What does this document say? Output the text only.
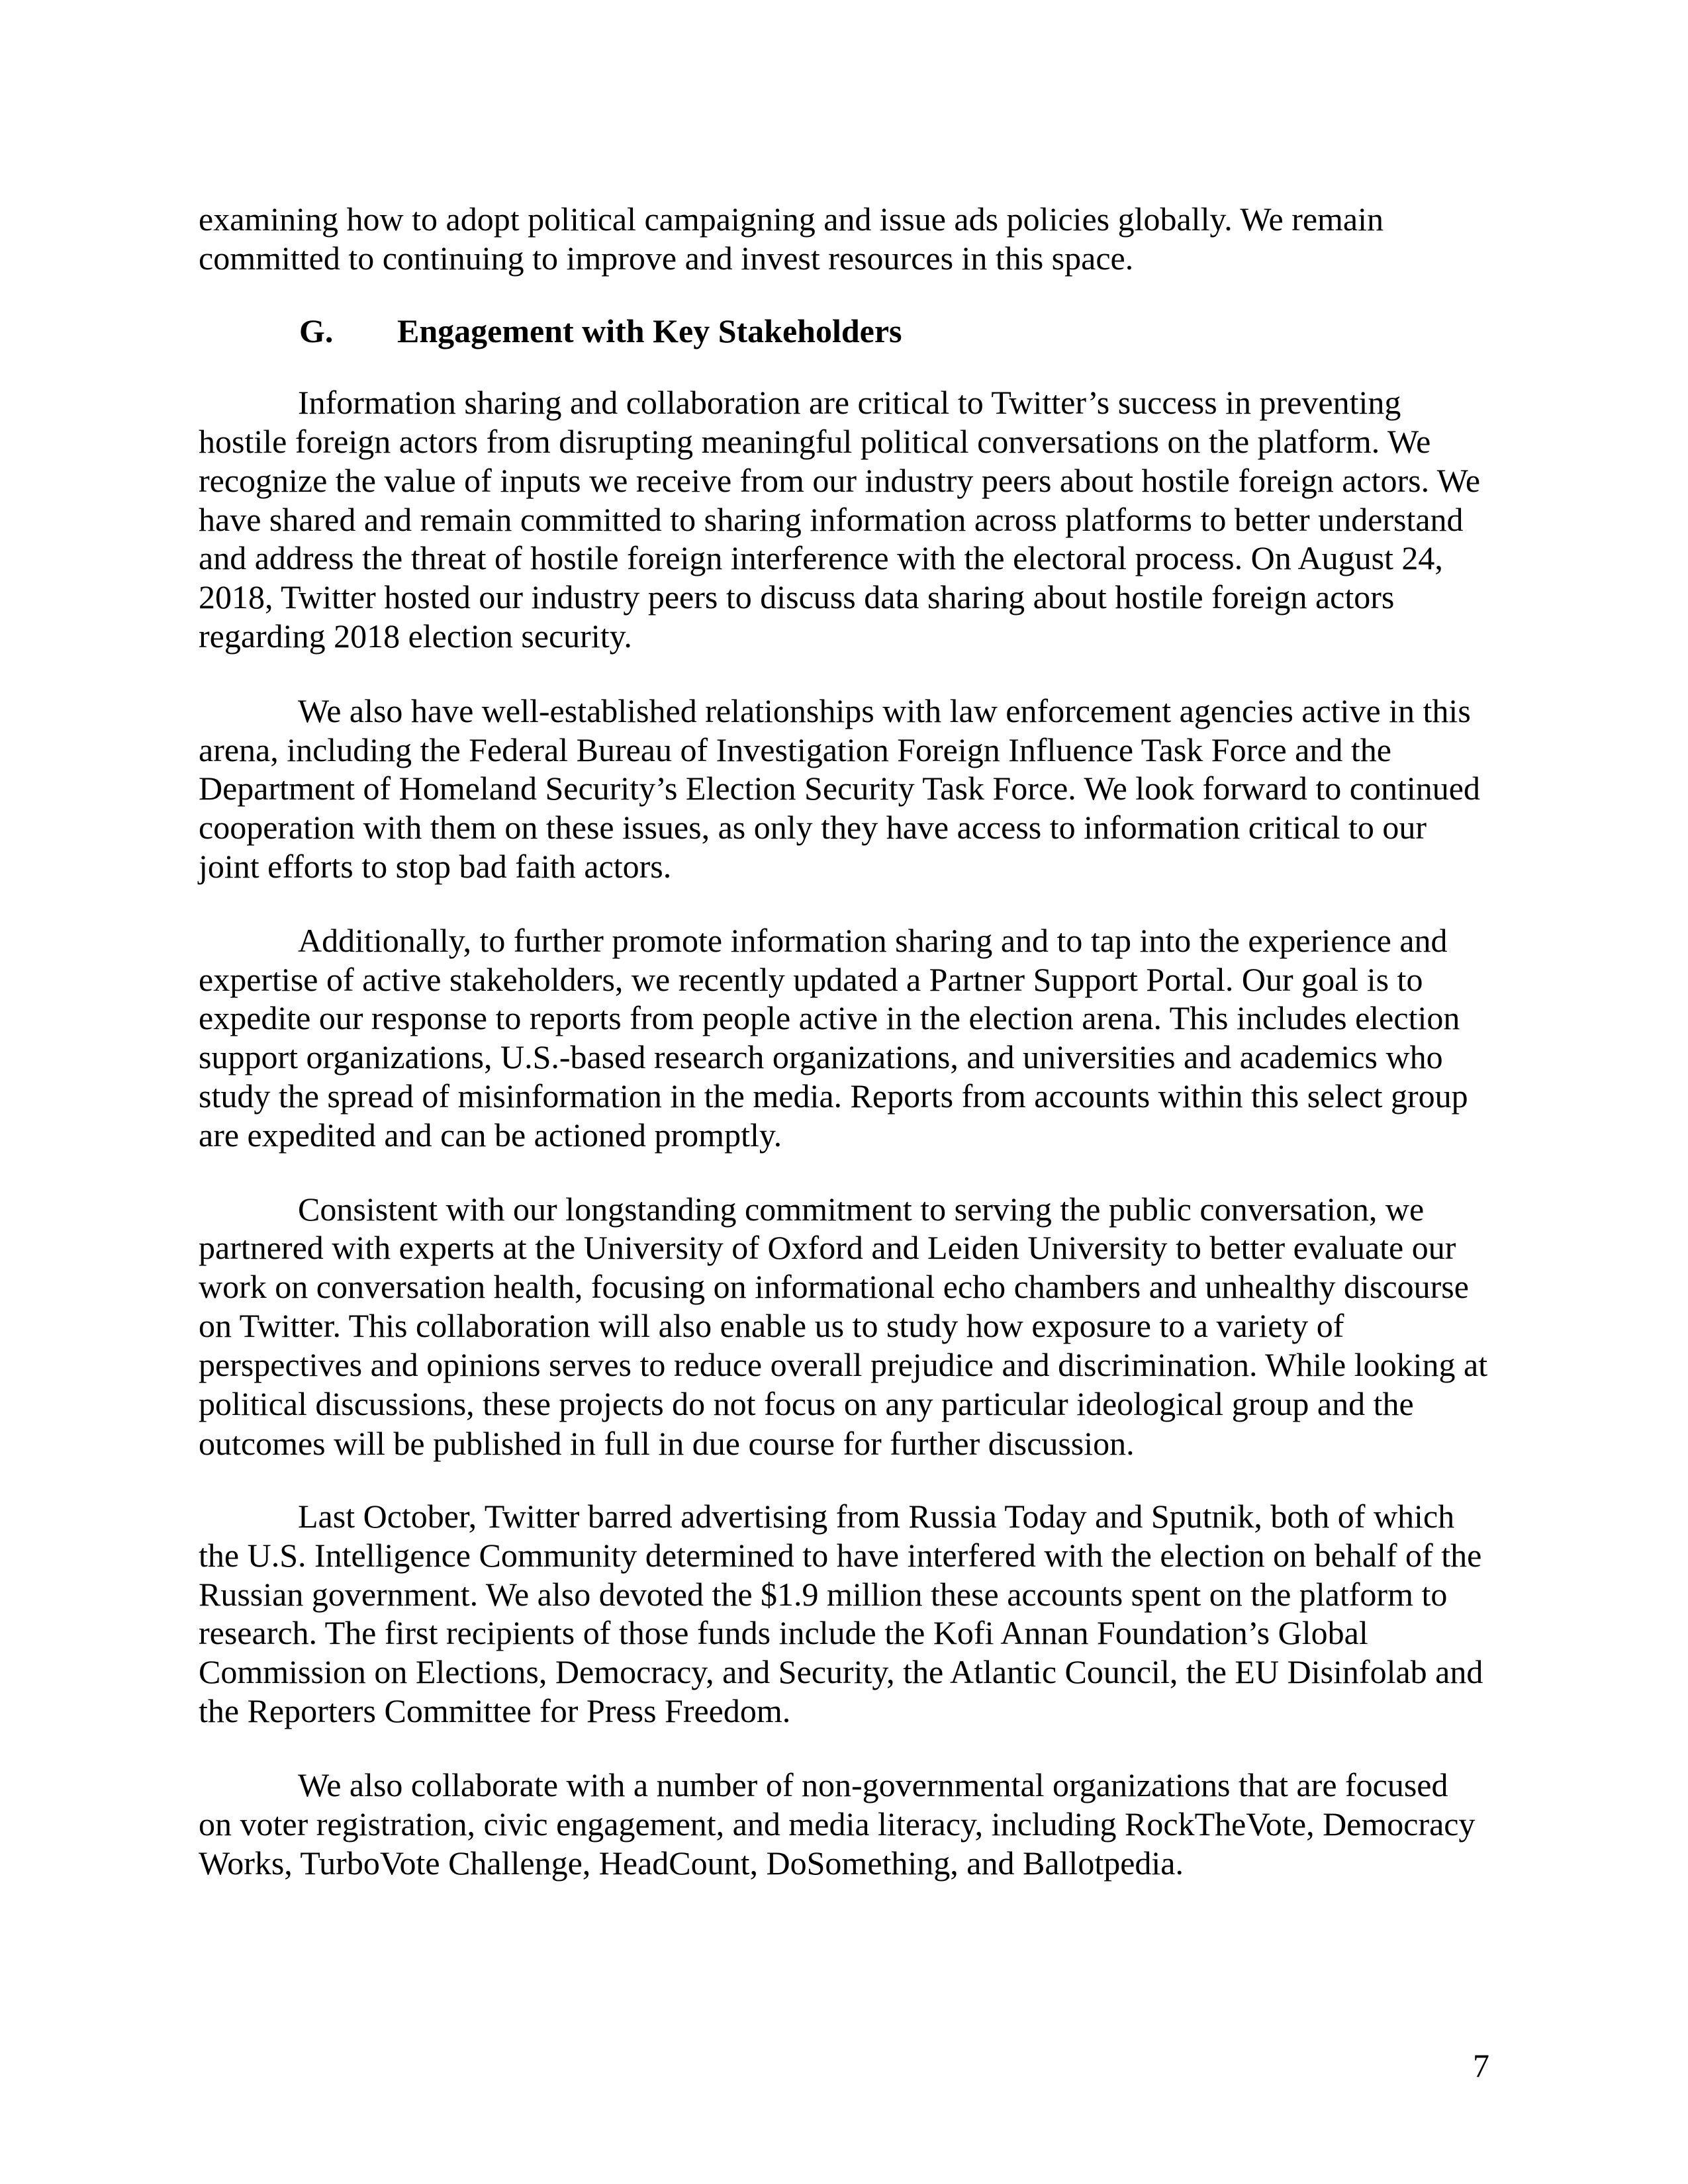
examining how to adopt political campaigning and issue ads policies globally. We remain

committed to continuing to improve and invest resources in this space.

G. Engagement with Key Stakeholders

Information sharing and collaboration are critical to Twitter’s success in preventing

hostile foreign actors from disrupting meaningful political conversations on the platform. We

recognize the value of inputs we receive from our industry peers about hostile foreign actors. We

have shared and remain committed to sharing information across platforms to better understand

and address the threat of hostile foreign interference with the electoral process. On August 24,

2018, Twitter hosted our industry peers to discuss data sharing about hostile foreign actors

regarding 2018 election security.

We also have well-established relationships with law enforcement agencies active in this

arena, including the Federal Bureau of Investigation Foreign Influence Task Force and the

Department of Homeland Security’s Election Security Task Force. We look forward to continued

cooperation with them on these issues, as only they have access to information critical to our

joint efforts to stop bad faith actors.

Additionally, to further promote information sharing and to tap into the experience and

expertise of active stakeholders, we recently updated a Partner Support Portal. Our goal is to

expedite our response to reports from people active in the election arena. This includes election

support organizations, U.S.-based research organizations, and universities and academics who

study the spread of misinformation in the media. Reports from accounts within this select group

are expedited and can be actioned promptly.

Consistent with our longstanding commitment to serving the public conversation, we

partnered with experts at the University of Oxford and Leiden University to better evaluate our

work on conversation health, focusing on informational echo chambers and unhealthy discourse

on Twitter. This collaboration will also enable us to study how exposure to a variety of

perspectives and opinions serves to reduce overall prejudice and discrimination. While looking at

political discussions, these projects do not focus on any particular ideological group and the

outcomes will be published in full in due course for further discussion.

Last October, Twitter barred advertising from Russia Today and Sputnik, both of which

the U.S. Intelligence Community determined to have interfered with the election on behalf of the

Russian government. We also devoted the $1.9 million these accounts spent on the platform to

research. The first recipients of those funds include the Kofi Annan Foundation’s Global

Commission on Elections, Democracy, and Security, the Atlantic Council, the EU Disinfolab and

the Reporters Committee for Press Freedom.

We also collaborate with a number of non-governmental organizations that are focused

on voter registration, civic engagement, and media literacy, including RockTheVote, Democracy

Works, TurboVote Challenge, HeadCount, DoSomething, and Ballotpedia.

7
